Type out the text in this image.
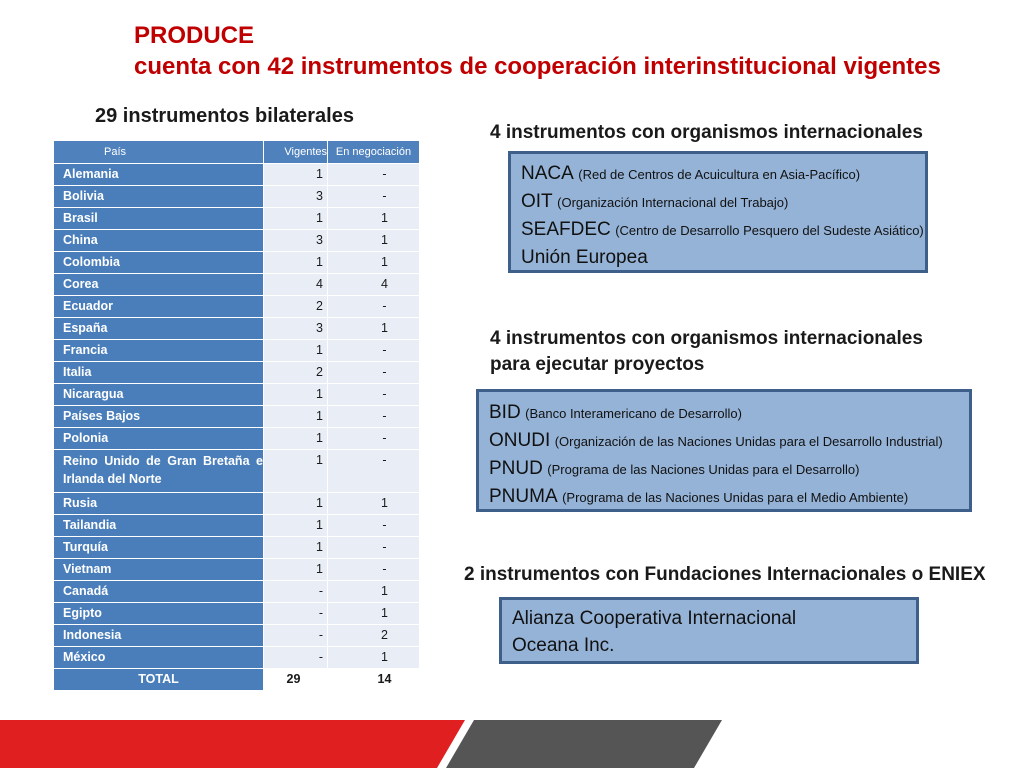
PRODUCE
cuenta con 42 instrumentos de cooperación interinstitucional vigentes
29 instrumentos bilaterales
País	Vigentes	En negociación
Alemania	1	-
Bolivia	3	-
Brasil	1	1
China	3	1
Colombia	1	1
Corea	4	4
Ecuador	2	-
España	3	1
Francia	1	-
Italia	2	-
Nicaragua	1	-
Países Bajos	1	-
Polonia	1	-
Reino Unido de Gran Bretaña e Irlanda del Norte	1	-
Rusia	1	1
Tailandia	1	-
Turquía	1	-
Vietnam	1	-
Canadá	-	1
Egipto	-	1
Indonesia	-	2
México	-	1
TOTAL	29	14
4 instrumentos con organismos internacionales
NACA (Red de Centros de Acuicultura en Asia-Pacífico)
OIT (Organización Internacional del Trabajo)
SEAFDEC (Centro de Desarrollo Pesquero del Sudeste Asiático)
Unión Europea
4 instrumentos con organismos internacionales
para ejecutar proyectos
BID (Banco Interamericano de Desarrollo)
ONUDI (Organización de las Naciones Unidas para el Desarrollo Industrial)
PNUD (Programa de las Naciones Unidas para el Desarrollo)
PNUMA (Programa de las Naciones Unidas para el Medio Ambiente)
2 instrumentos con Fundaciones Internacionales o ENIEX
Alianza Cooperativa Internacional
Oceana Inc.
